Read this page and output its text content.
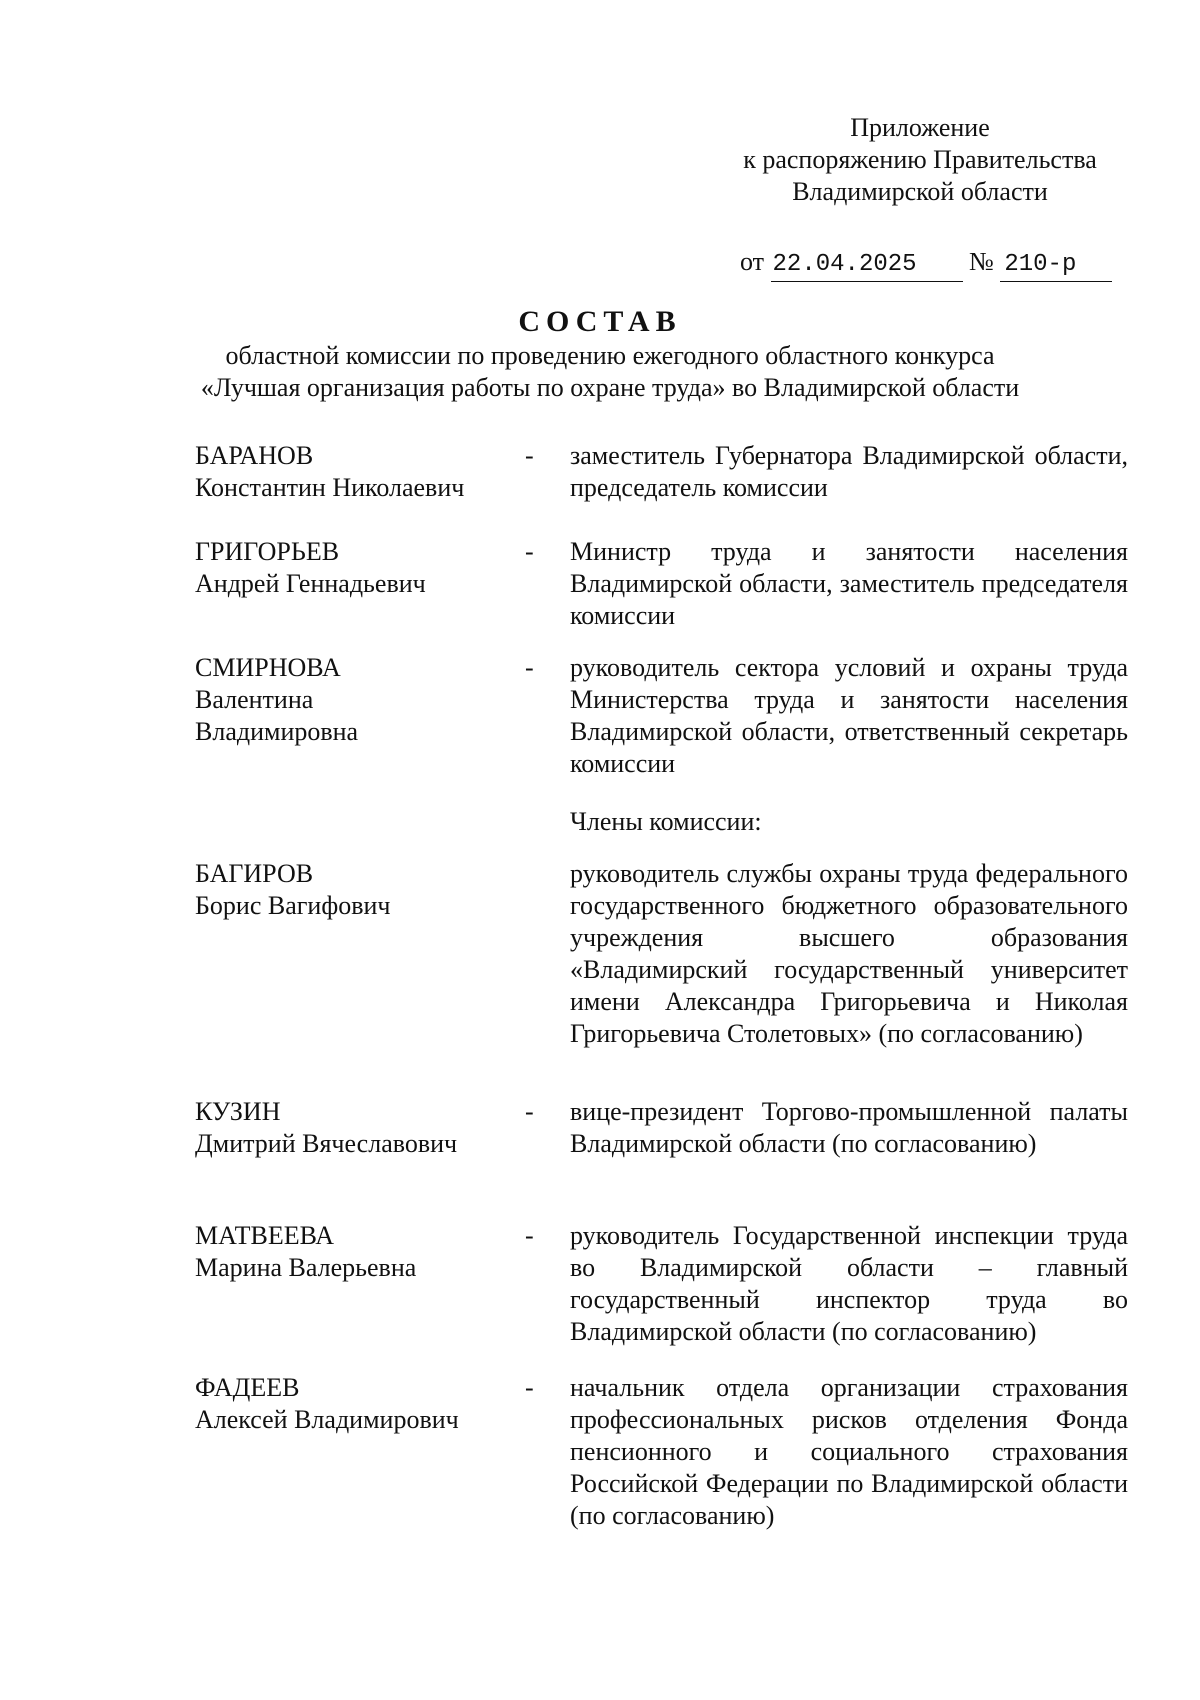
Приложение
к распоряжению Правительства
Владимирской области
от 22.04.2025 № 210-р
СОСТАВ
областной комиссии по проведению ежегодного областного конкурса
«Лучшая организация работы по охране труда» во Владимирской области
БАРАНОВ
Константин Николаевич
- заместитель Губернатора Владимирской области, председатель комиссии
ГРИГОРЬЕВ
Андрей Геннадьевич
- Министр труда и занятости населения Владимирской области, заместитель председателя комиссии
СМИРНОВА
Валентина
Владимировна
- руководитель сектора условий и охраны труда Министерства труда и занятости населения Владимирской области, ответственный секретарь комиссии
Члены комиссии:
БАГИРОВ
Борис Вагифович
руководитель службы охраны труда федерального государственного бюджетного образовательного учреждения высшего образования «Владимирский государственный университет имени Александра Григорьевича и Николая Григорьевича Столетовых» (по согласованию)
КУЗИН
Дмитрий Вячеславович
- вице-президент Торгово-промышленной палаты Владимирской области (по согласованию)
МАТВЕЕВА
Марина Валерьевна
- руководитель Государственной инспекции труда во Владимирской области – главный государственный инспектор труда во Владимирской области (по согласованию)
ФАДЕЕВ
Алексей Владимирович
- начальник отдела организации страхования профессиональных рисков отделения Фонда пенсионного и социального страхования Российской Федерации по Владимирской области (по согласованию)
